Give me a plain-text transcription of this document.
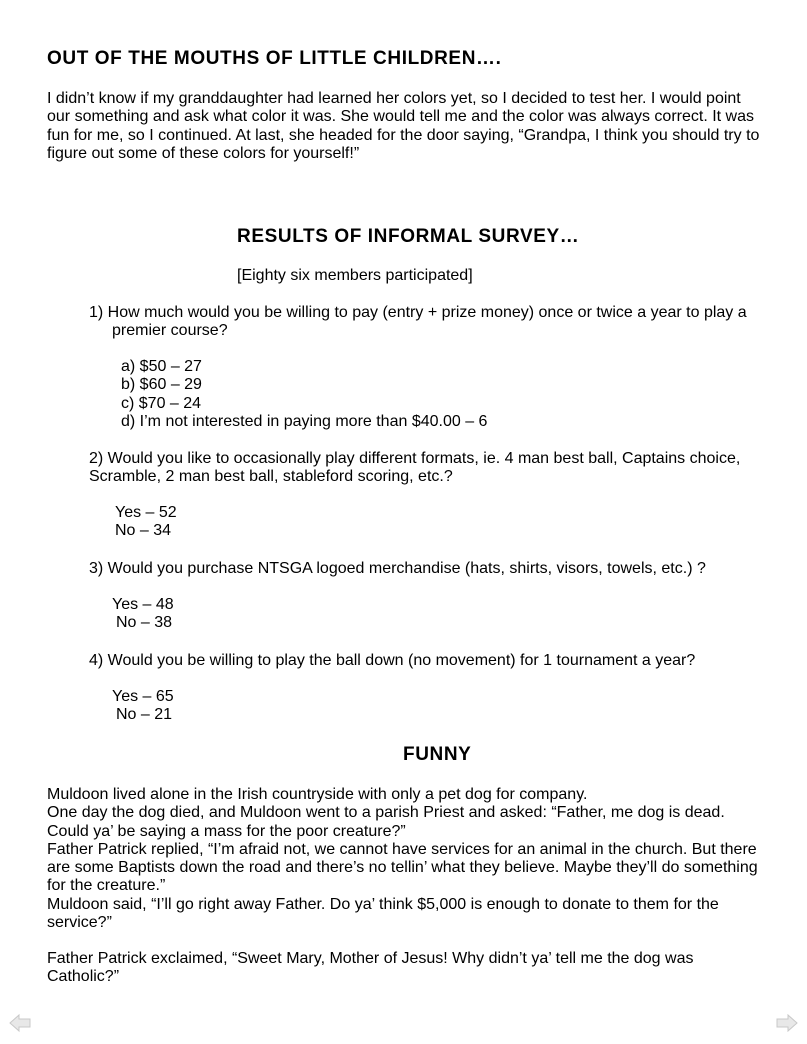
OUT OF THE MOUTHS OF LITTLE CHILDREN….
I didn’t know if my granddaughter had learned her colors yet, so I decided to test her. I would point
our something and ask what color it was. She would tell me and the color was always correct. It was
fun for me, so I continued. At last, she headed for the door saying, “Grandpa, I think you should try to
figure out some of these colors for yourself!”
RESULTS OF INFORMAL SURVEY…
[Eighty six members participated]
1) How much would you be willing to pay (entry + prize money) once or twice a year to play a
premier course?
a) $50 – 27
b) $60 – 29
c) $70 – 24
d) I’m not interested in paying more than $40.00 – 6
2) Would you like to occasionally play different formats, ie. 4 man best ball, Captains choice,
Scramble, 2 man best ball, stableford scoring, etc.?
Yes – 52
No – 34
3) Would you purchase NTSGA logoed merchandise (hats, shirts, visors, towels, etc.) ?
Yes – 48
No – 38
4) Would you be willing to play the ball down (no movement) for 1 tournament a year?
Yes – 65
No – 21
FUNNY
Muldoon lived alone in the Irish countryside with only a pet dog for company.
One day the dog died, and Muldoon went to a parish Priest and asked: “Father, me dog is dead.
Could ya’ be saying a mass for the poor creature?”
Father Patrick replied, “I’m afraid not, we cannot have services for an animal in the church. But there
are some Baptists down the road and there’s no tellin’ what they believe. Maybe they’ll do something
for the creature.”
Muldoon said, “I’ll go right away Father. Do ya’ think $5,000 is enough to donate to them for the
service?”
Father Patrick exclaimed, “Sweet Mary, Mother of Jesus! Why didn’t ya’ tell me the dog was
Catholic?”
